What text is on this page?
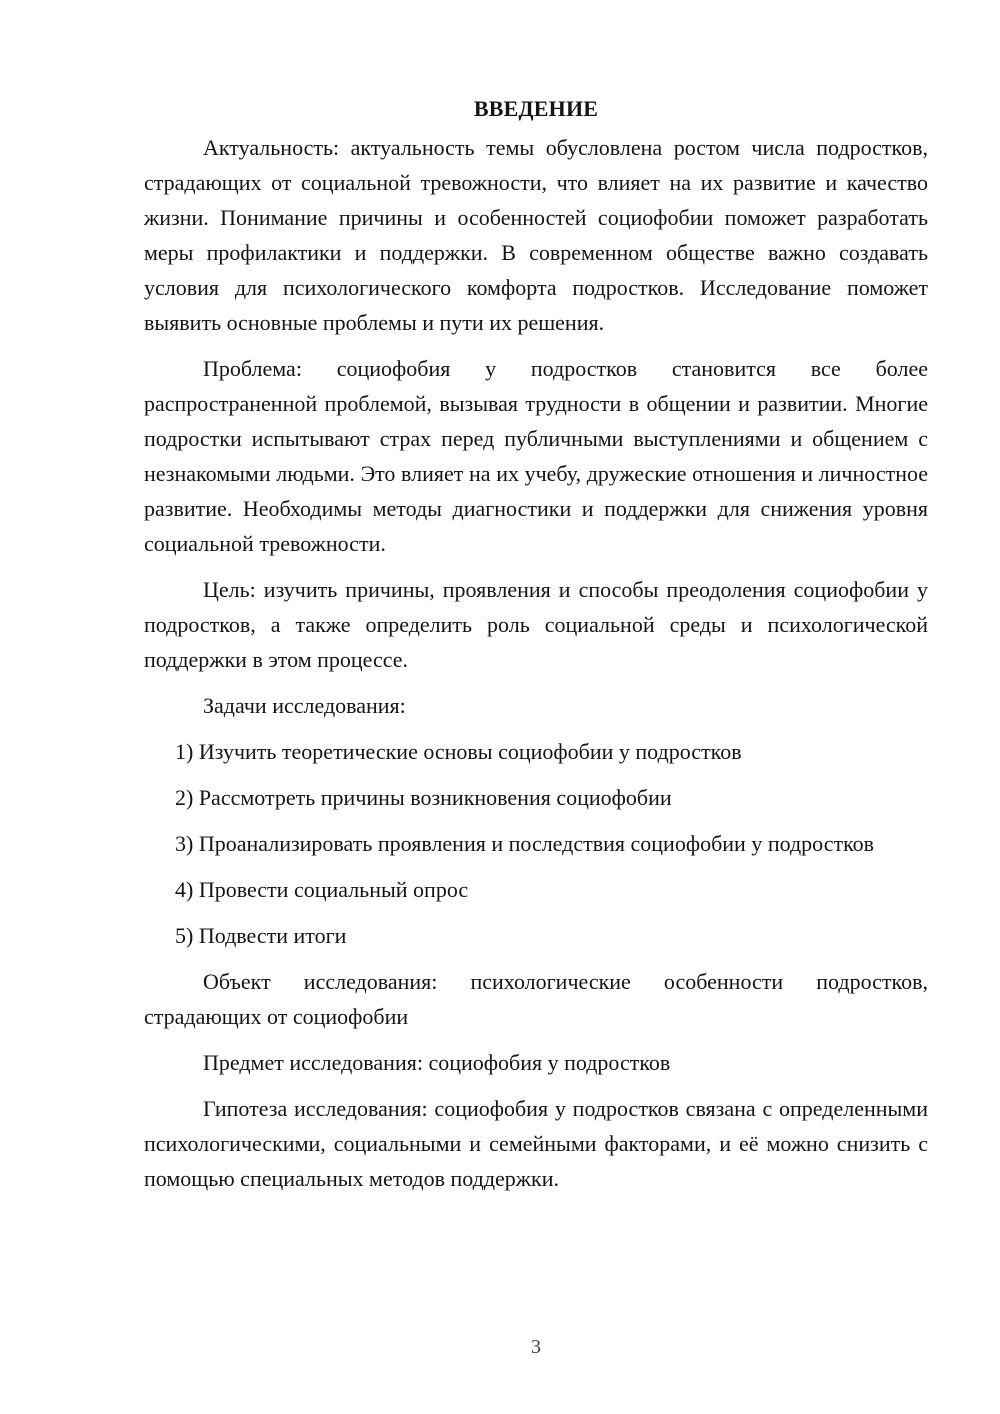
ВВЕДЕНИЕ

Актуальность: актуальность темы обусловлена ростом числа подростков, страдающих от социальной тревожности, что влияет на их развитие и качество жизни. Понимание причины и особенностей социофобии поможет разработать меры профилактики и поддержки. В современном обществе важно создавать условия для психологического комфорта подростков. Исследование поможет выявить основные проблемы и пути их решения.

Проблема: социофобия у подростков становится все более распространенной проблемой, вызывая трудности в общении и развитии. Многие подростки испытывают страх перед публичными выступлениями и общением с незнакомыми людьми. Это влияет на их учебу, дружеские отношения и личностное развитие. Необходимы методы диагностики и поддержки для снижения уровня социальной тревожности.

Цель: изучить причины, проявления и способы преодоления социофобии у подростков, а также определить роль социальной среды и психологической поддержки в этом процессе.

Задачи исследования:

1) Изучить теоретические основы социофобии у подростков

2) Рассмотреть причины возникновения социофобии

3) Проанализировать проявления и последствия социофобии у подростков

4) Провести социальный опрос

5) Подвести итоги

Объект исследования: психологические особенности подростков, страдающих от социофобии

Предмет исследования: социофобия у подростков

Гипотеза исследования: социофобия у подростков связана с определенными психологическими, социальными и семейными факторами, и её можно снизить с помощью специальных методов поддержки.

3
